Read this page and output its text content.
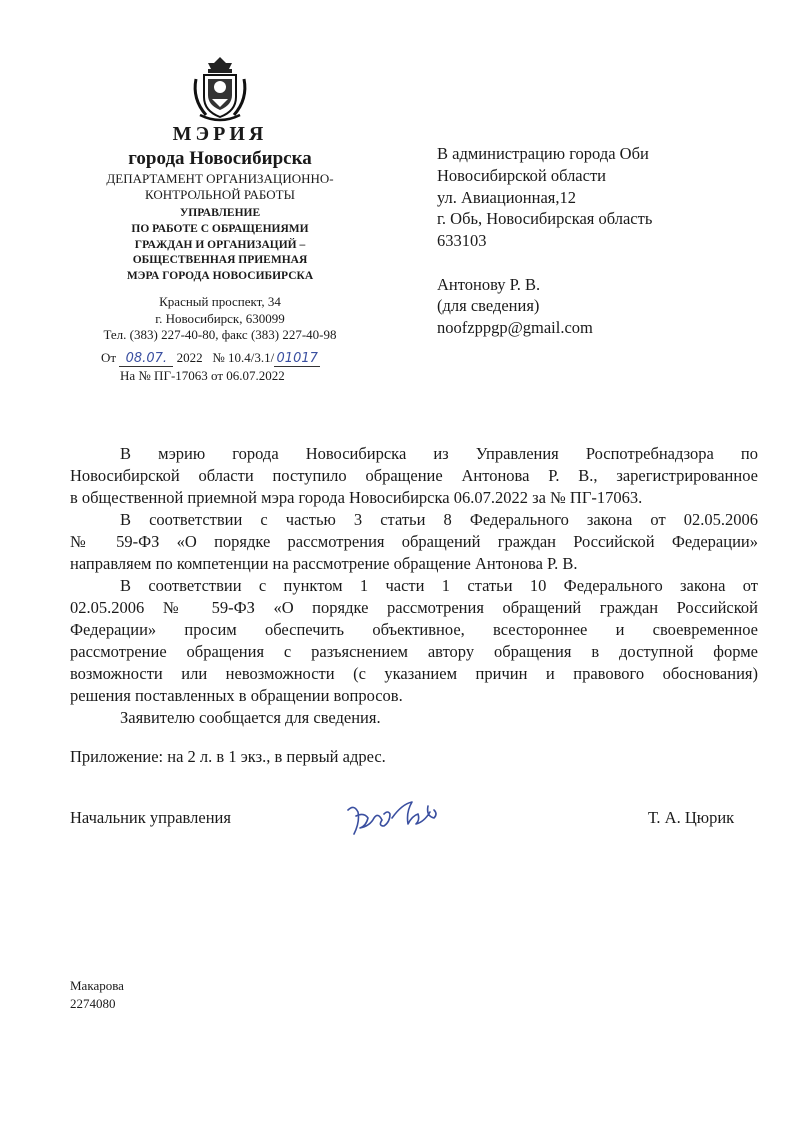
МЭРИЯ
города Новосибирска
ДЕПАРТАМЕНТ ОРГАНИЗАЦИОННО-
КОНТРОЛЬНОЙ РАБОТЫ
УПРАВЛЕНИЕ
ПО РАБОТЕ С ОБРАЩЕНИЯМИ
ГРАЖДАН И ОРГАНИЗАЦИЙ –
ОБЩЕСТВЕННАЯ ПРИЕМНАЯ
МЭРА ГОРОДА НОВОСИБИРСКА
Красный проспект, 34
г. Новосибирск, 630099
Тел. (383) 227-40-80, факс (383) 227-40-98
От 08.07. 2022 № 10.4/3.1/ 01017
На № ПГ-17063 от 06.07.2022
В администрацию города Оби
Новосибирской области
ул. Авиационная,12
г. Обь, Новосибирская область
633103
Антонову Р. В.
(для сведения)
noofzppgp@gmail.com
В мэрию города Новосибирска из Управления Роспотребнадзора по
Новосибирской области поступило обращение Антонова Р. В., зарегистрированное
в общественной приемной мэра города Новосибирска 06.07.2022 за № ПГ-17063.
В соответствии с частью 3 статьи 8 Федерального закона от 02.05.2006
№ 59-ФЗ «О порядке рассмотрения обращений граждан Российской Федерации»
направляем по компетенции на рассмотрение обращение Антонова Р. В.
В соответствии с пунктом 1 части 1 статьи 10 Федерального закона от
02.05.2006 № 59-ФЗ «О порядке рассмотрения обращений граждан Российской
Федерации» просим обеспечить объективное, всестороннее и своевременное
рассмотрение обращения с разъяснением автору обращения в доступной форме
возможности или невозможности (с указанием причин и правового обоснования)
решения поставленных в обращении вопросов.
Заявителю сообщается для сведения.
Приложение: на 2 л. в 1 экз., в первый адрес.
Начальник управления	Т. А. Цюрик
Макарова
2274080
